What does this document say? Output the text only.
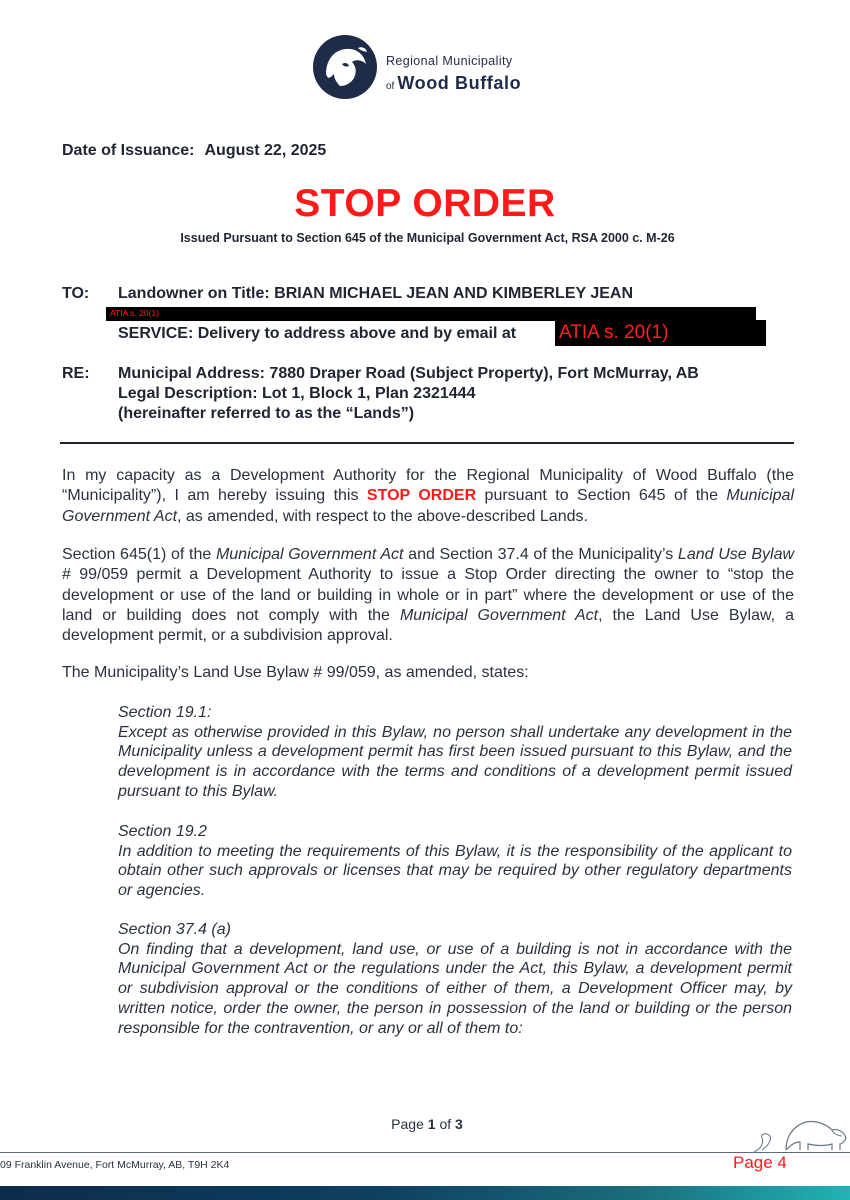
Regional Municipality
of Wood Buffalo
Date of Issuance: August 22, 2025
STOP ORDER
Issued Pursuant to Section 645 of the Municipal Government Act, RSA 2000 c. M-26
TO: Landowner on Title: BRIAN MICHAEL JEAN AND KIMBERLEY JEAN
ATIA s. 20(1)
SERVICE: Delivery to address above and by email at ATIA s. 20(1)
RE: Municipal Address: 7880 Draper Road (Subject Property), Fort McMurray, AB
Legal Description: Lot 1, Block 1, Plan 2321444
(hereinafter referred to as the “Lands”)
In my capacity as a Development Authority for the Regional Municipality of Wood Buffalo (the “Municipality”), I am hereby issuing this STOP ORDER pursuant to Section 645 of the Municipal Government Act, as amended, with respect to the above-described Lands.
Section 645(1) of the Municipal Government Act and Section 37.4 of the Municipality’s Land Use Bylaw # 99/059 permit a Development Authority to issue a Stop Order directing the owner to “stop the development or use of the land or building in whole or in part” where the development or use of the land or building does not comply with the Municipal Government Act, the Land Use Bylaw, a development permit, or a subdivision approval.
The Municipality’s Land Use Bylaw # 99/059, as amended, states:
Section 19.1:
Except as otherwise provided in this Bylaw, no person shall undertake any development in the Municipality unless a development permit has first been issued pursuant to this Bylaw, and the development is in accordance with the terms and conditions of a development permit issued pursuant to this Bylaw.
Section 19.2
In addition to meeting the requirements of this Bylaw, it is the responsibility of the applicant to obtain other such approvals or licenses that may be required by other regulatory departments or agencies.
Section 37.4 (a)
On finding that a development, land use, or use of a building is not in accordance with the Municipal Government Act or the regulations under the Act, this Bylaw, a development permit or subdivision approval or the conditions of either of them, a Development Officer may, by written notice, order the owner, the person in possession of the land or building or the person responsible for the contravention, or any or all of them to:
Page 1 of 3
09 Franklin Avenue, Fort McMurray, AB, T9H 2K4	Page 4
